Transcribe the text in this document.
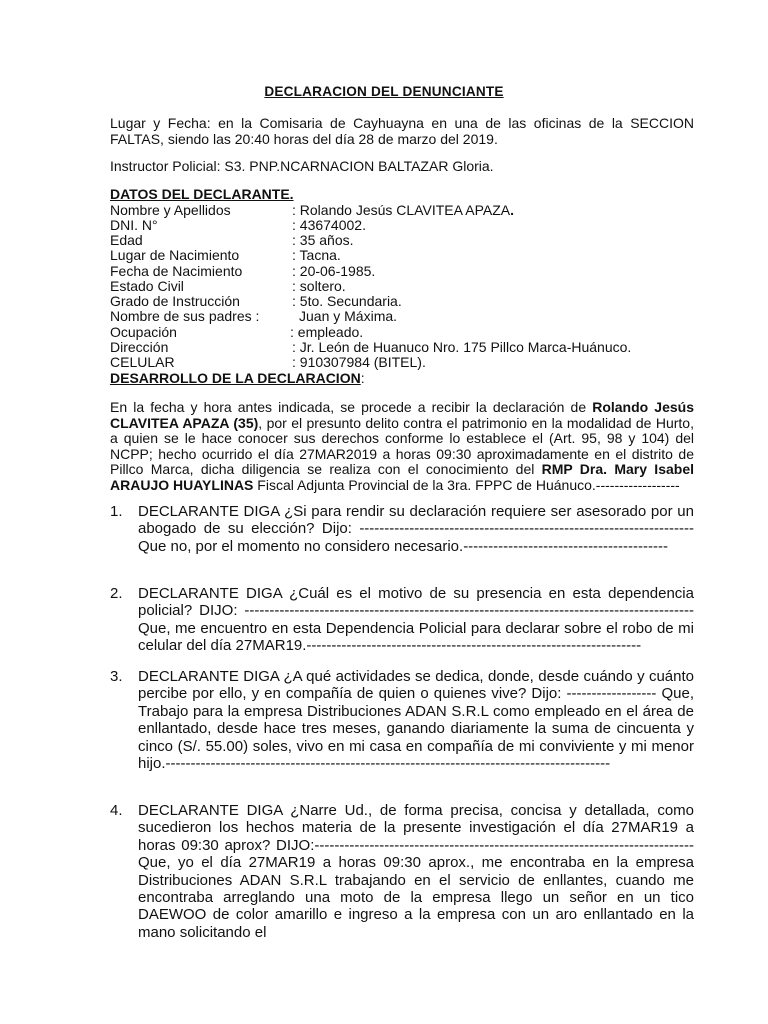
DECLARACION DEL DENUNCIANTE
Lugar y Fecha: en la Comisaria de Cayhuayna en una de las oficinas de la SECCION FALTAS, siendo las 20:40 horas del día 28 de marzo del 2019.
Instructor Policial: S3. PNP.NCARNACION BALTAZAR Gloria.
DATOS DEL DECLARANTE.
Nombre y Apellidos	: Rolando Jesús CLAVITEA APAZA.
DNI. N°	: 43674002.
Edad	: 35 años.
Lugar de Nacimiento	: Tacna.
Fecha de Nacimiento	: 20-06-1985.
Estado Civil	: soltero.
Grado de Instrucción	: 5to. Secundaria.
Nombre de sus padres :	Juan y Máxima.
Ocupación	: empleado.
Dirección	: Jr. León de Huanuco Nro. 175 Pillco Marca-Huánuco.
CELULAR	: 910307984 (BITEL).
DESARROLLO DE LA DECLARACION:
En la fecha y hora antes indicada, se procede a recibir la declaración de Rolando Jesús CLAVITEA APAZA (35), por el presunto delito contra el patrimonio en la modalidad de Hurto, a quien se le hace conocer sus derechos conforme lo establece el (Art. 95, 98 y 104) del NCPP; hecho ocurrido el día 27MAR2019 a horas 09:30 aproximadamente en el distrito de Pillco Marca, dicha diligencia se realiza con el conocimiento del RMP Dra. Mary Isabel ARAUJO HUAYLINAS Fiscal Adjunta Provincial de la 3ra. FPPC de Huánuco.------------------
1. DECLARANTE DIGA ¿Si para rendir su declaración requiere ser asesorado por un abogado de su elección? Dijo: -------------------------------------------------------------------Que no, por el momento no considero necesario.-----------------------------------------
2. DECLARANTE DIGA ¿Cuál es el motivo de su presencia en esta dependencia policial? DIJO: ------------------------------------------------------------------------------------------Que, me encuentro en esta Dependencia Policial para declarar sobre el robo de mi celular del día 27MAR19.-------------------------------------------------------------------
3. DECLARANTE DIGA ¿A qué actividades se dedica, donde, desde cuándo y cuánto percibe por ello, y en compañía de quien o quienes vive? Dijo: ------------------ Que, Trabajo para la empresa Distribuciones ADAN S.R.L como empleado en el área de enllantado, desde hace tres meses, ganando diariamente la suma de cincuenta y cinco (S/. 55.00) soles, vivo en mi casa en compañía de mi conviviente y mi menor hijo.-----------------------------------------------------------------------------------------
4. DECLARANTE DIGA ¿Narre Ud., de forma precisa, concisa y detallada, como sucedieron los hechos materia de la presente investigación el día 27MAR19 a horas 09:30 aprox? DIJO:----------------------------------------------------------------------------Que, yo el día 27MAR19 a horas 09:30 aprox., me encontraba en la empresa Distribuciones ADAN S.R.L trabajando en el servicio de enllantes, cuando me encontraba arreglando una moto de la empresa llego un señor en un tico DAEWOO de color amarillo e ingreso a la empresa con un aro enllantado en la mano solicitando el
